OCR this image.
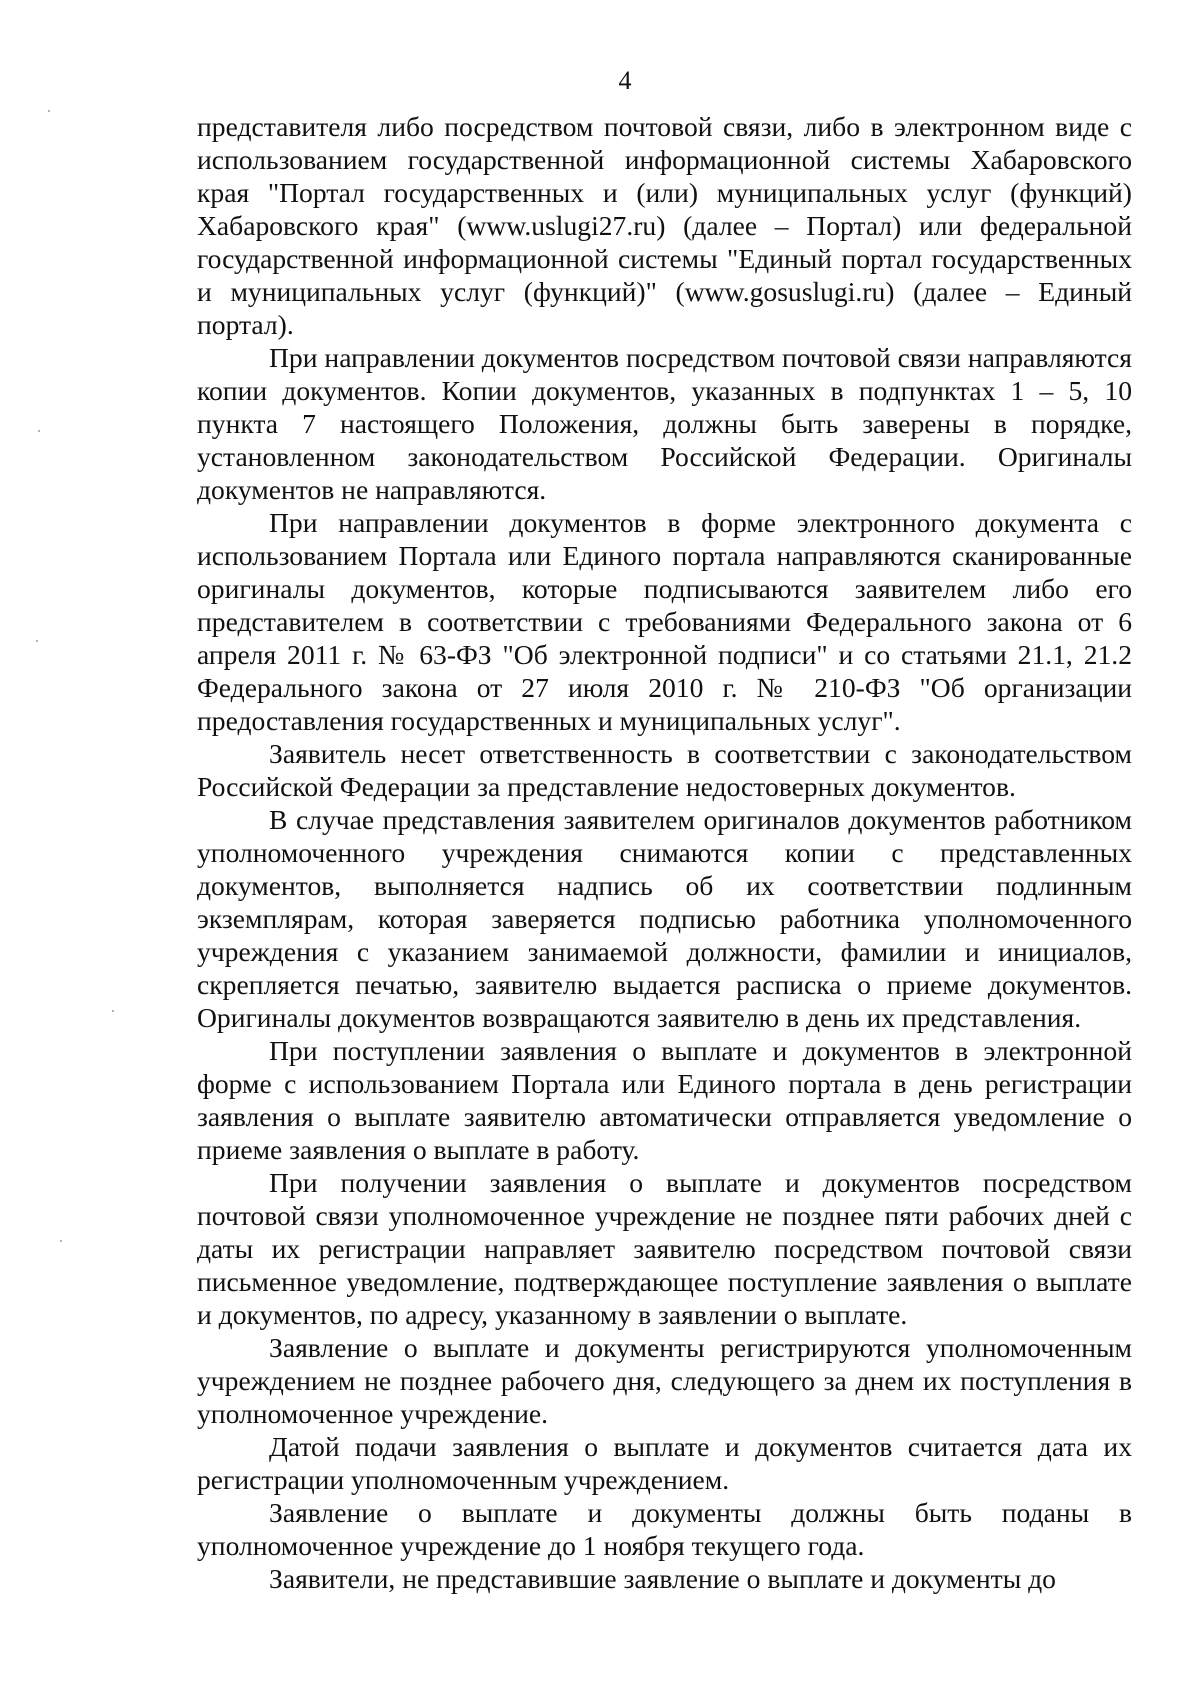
4

представителя либо посредством почтовой связи, либо в электронном виде с использованием государственной информационной системы Хабаровского края "Портал государственных и (или) муниципальных услуг (функций) Хабаровского края" (www.uslugi27.ru) (далее – Портал) или федеральной государственной информационной системы "Единый портал государственных и муниципальных услуг (функций)" (www.gosuslugi.ru) (далее – Единый портал).

При направлении документов посредством почтовой связи направляются копии документов. Копии документов, указанных в подпунктах 1 – 5, 10 пункта 7 настоящего Положения, должны быть заверены в порядке, установленном законодательством Российской Федерации. Оригиналы документов не направляются.

При направлении документов в форме электронного документа с использованием Портала или Единого портала направляются сканированные оригиналы документов, которые подписываются заявителем либо его представителем в соответствии с требованиями Федерального закона от 6 апреля 2011 г. № 63-ФЗ "Об электронной подписи" и со статьями 21.1, 21.2 Федерального закона от 27 июля 2010 г. № 210-ФЗ "Об организации предоставления государственных и муниципальных услуг".

Заявитель несет ответственность в соответствии с законодательством Российской Федерации за представление недостоверных документов.

В случае представления заявителем оригиналов документов работником уполномоченного учреждения снимаются копии с представленных документов, выполняется надпись об их соответствии подлинным экземплярам, которая заверяется подписью работника уполномоченного учреждения с указанием занимаемой должности, фамилии и инициалов, скрепляется печатью, заявителю выдается расписка о приеме документов. Оригиналы документов возвращаются заявителю в день их представления.

При поступлении заявления о выплате и документов в электронной форме с использованием Портала или Единого портала в день регистрации заявления о выплате заявителю автоматически отправляется уведомление о приеме заявления о выплате в работу.

При получении заявления о выплате и документов посредством почтовой связи уполномоченное учреждение не позднее пяти рабочих дней с даты их регистрации направляет заявителю посредством почтовой связи письменное уведомление, подтверждающее поступление заявления о выплате и документов, по адресу, указанному в заявлении о выплате.

Заявление о выплате и документы регистрируются уполномоченным учреждением не позднее рабочего дня, следующего за днем их поступления в уполномоченное учреждение.

Датой подачи заявления о выплате и документов считается дата их регистрации уполномоченным учреждением.

Заявление о выплате и документы должны быть поданы в уполномоченное учреждение до 1 ноября текущего года.

Заявители, не представившие заявление о выплате и документы до
